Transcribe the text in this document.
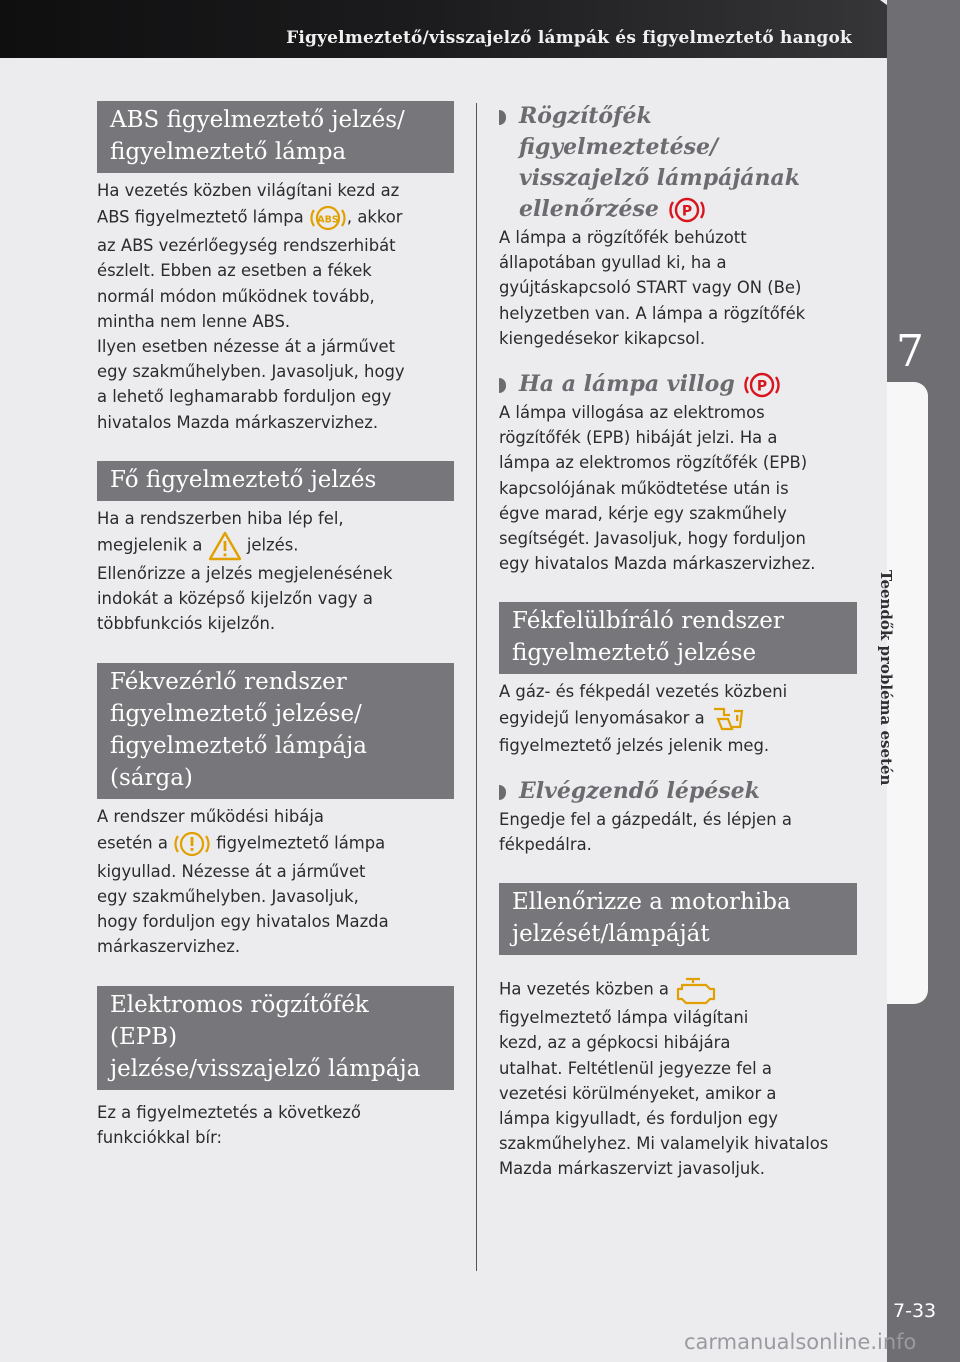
Figyelmeztető/visszajelző lámpák és figyelmeztető hangok
7
Teendők probléma esetén
7-33
carmanualsonline.info
ABS figyelmeztető jelzés/
figyelmeztető lámpa

Ha vezetés közben világítani kezd az
ABS figyelmeztető lámpa ABS , akkor
az ABS vezérlőegység rendszerhibát
észlelt. Ebben az esetben a fékek
normál módon működnek tovább,
mintha nem lenne ABS.
Ilyen esetben nézesse át a járművet
egy szakműhelyben. Javasoljuk, hogy
a lehető leghamarabb forduljon egy
hivatalos Mazda márkaszervizhez.

Fő figyelmeztető jelzés

Ha a rendszerben hiba lép fel,
megjelenik a	jelzés.
Ellenőrizze a jelzés megjelenésének
indokát a középső kijelzőn vagy a
többfunkciós kijelzőn.

Fékvezérlő rendszer
figyelmeztető jelzése/
figyelmeztető lámpája
(sárga)

A rendszer működési hibája
esetén a	figyelmeztető lámpa
kigyullad. Nézesse át a járművet
egy szakműhelyben. Javasoljuk,
hogy forduljon egy hivatalos Mazda
márkaszervizhez.

Elektromos rögzítőfék (EPB)
jelzése/visszajelző lámpája

Ez a figyelmeztetés a következő
funkciókkal bír:

Rögzítőfék figyelmeztetése/
visszajelző lámpájának
ellenőrzése P

A lámpa a rögzítőfék behúzott
állapotában gyullad ki, ha a
gyújtáskapcsoló START vagy ON (Be)
helyzetben van. A lámpa a rögzítőfék
kiengedésekor kikapcsol.

Ha a lámpa villog P

A lámpa villogása az elektromos
rögzítőfék (EPB) hibáját jelzi. Ha a
lámpa az elektromos rögzítőfék (EPB)
kapcsolójának működtetése után is
égve marad, kérje egy szakműhely
segítségét. Javasoljuk, hogy forduljon
egy hivatalos Mazda márkaszervizhez.

Fékfelülbíráló rendszer
figyelmeztető jelzése

A gáz- és fékpedál vezetés közbeni
egyidejű lenyomásakor a

figyelmeztető jelzés jelenik meg.

Elvégzendő lépések

Engedje fel a gázpedált, és lépjen a
fékpedálra.

Ellenőrizze a motorhiba
jelzését/lámpáját

Ha vezetés közben a

figyelmeztető lámpa világítani
kezd, az a gépkocsi hibájára
utalhat. Feltétlenül jegyezze fel a
vezetési körülményeket, amikor a
lámpa kigyulladt, és forduljon egy
szakműhelyhez. Mi valamelyik hivatalos
Mazda márkaszervizt javasoljuk.
